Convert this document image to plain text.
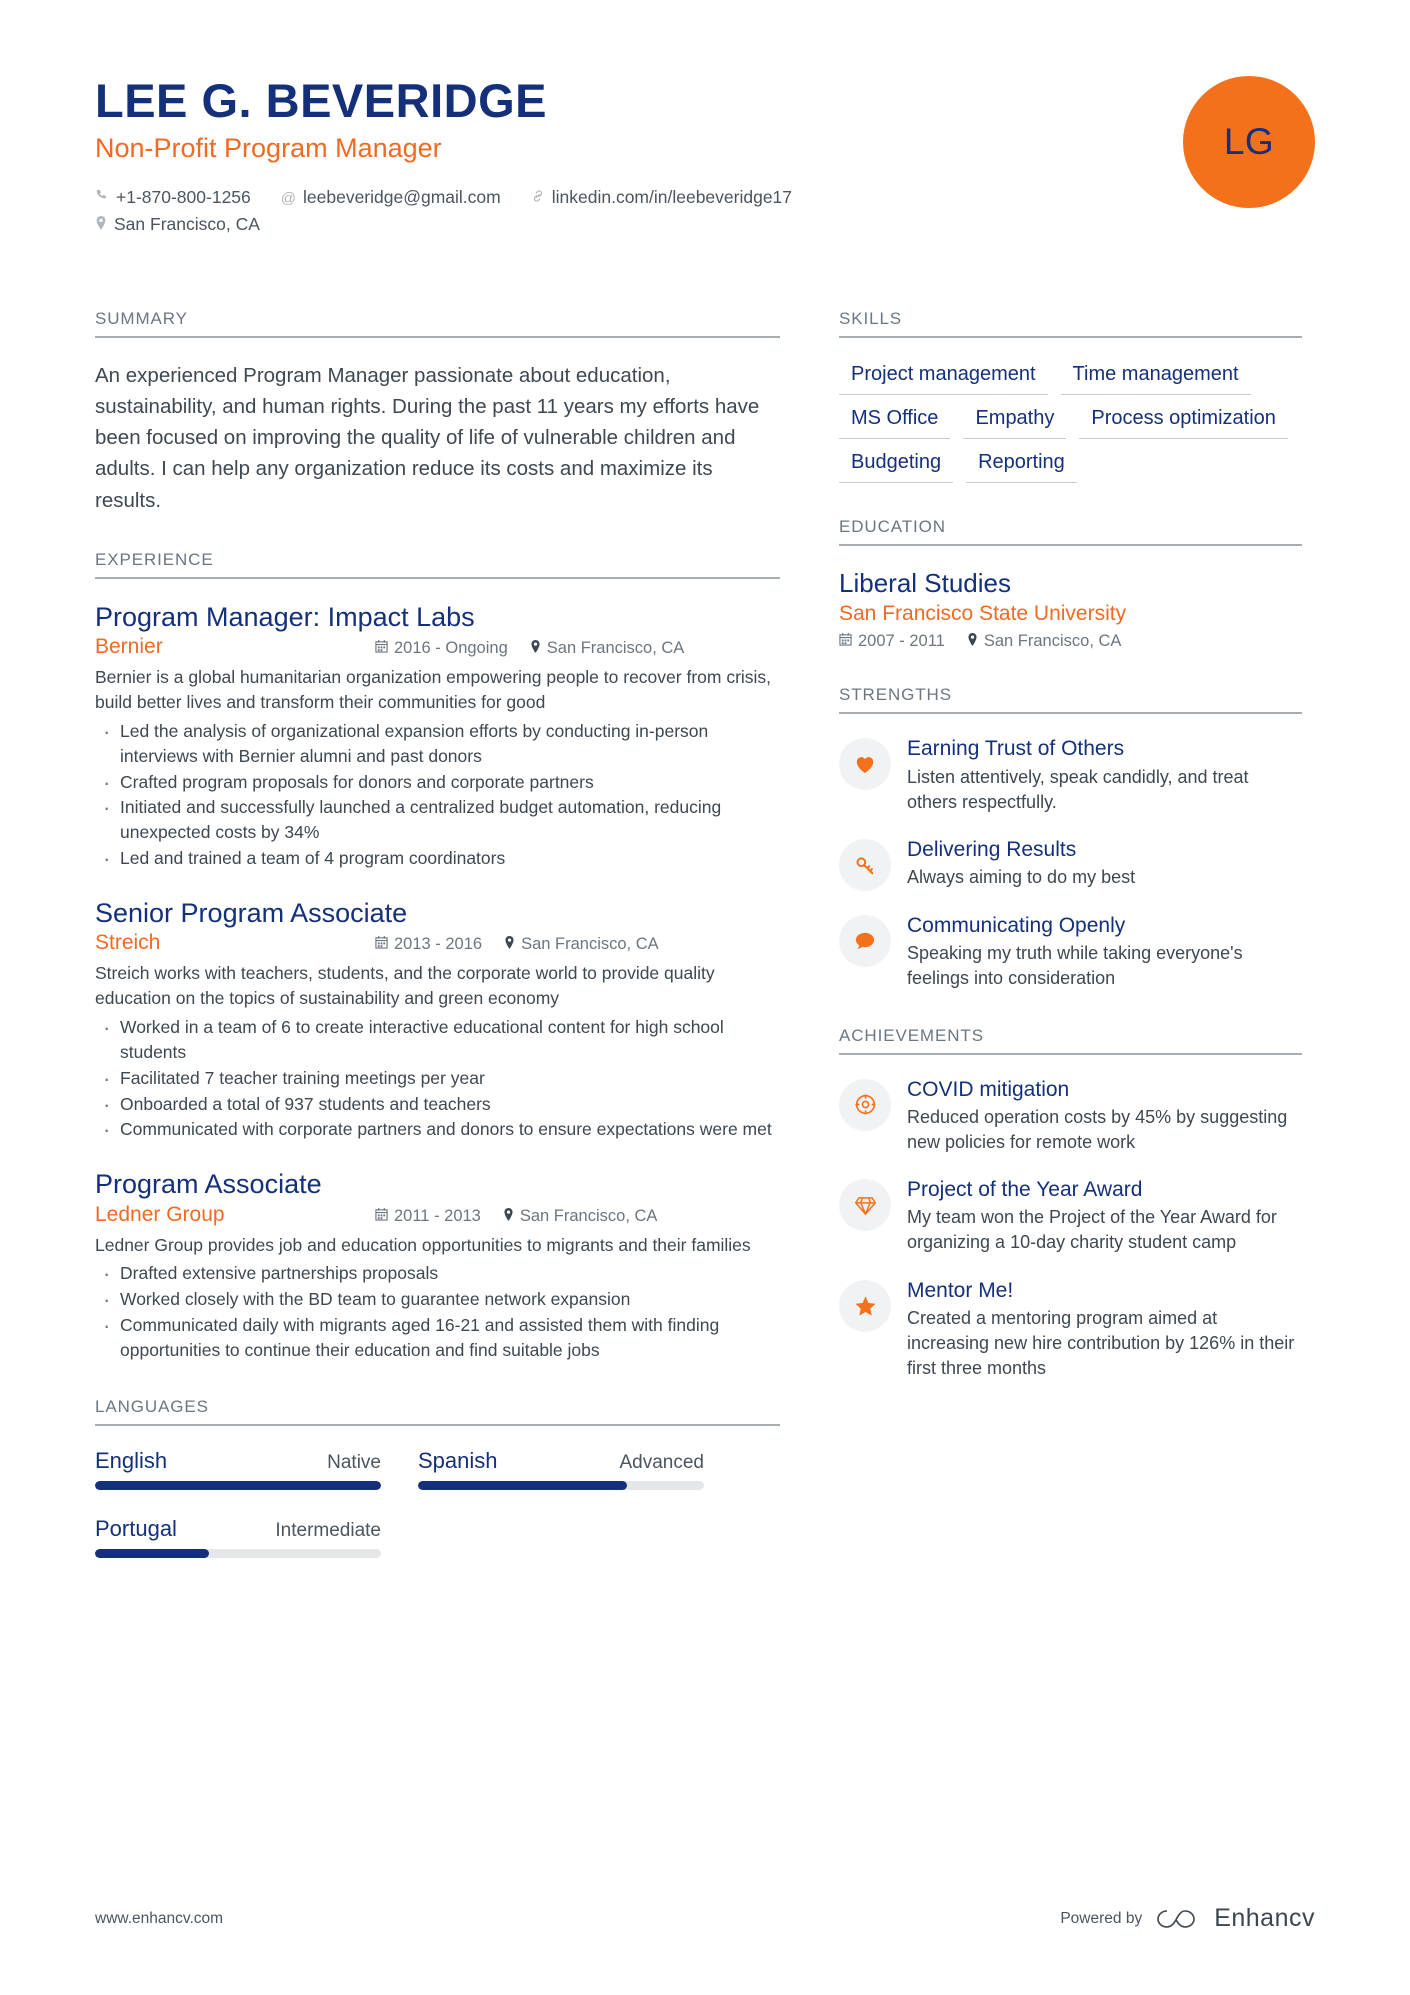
LEE G. BEVERIDGE
Non-Profit Program Manager
+1-870-800-1256 @ leebeveridge@gmail.com	linkedin.com/in/leebeveridge17
San Francisco, CA
LG
SUMMARY
An experienced Program Manager passionate about education, sustainability, and human rights. During the past 11 years my efforts have been focused on improving the quality of life of vulnerable children and adults. I can help any organization reduce its costs and maximize its results.
EXPERIENCE
Program Manager: Impact Labs
Bernier	2016 - Ongoing San Francisco, CA
Bernier is a global humanitarian organization empowering people to recover from crisis, build better lives and transform their communities for good
· Led the analysis of organizational expansion efforts by conducting in-person interviews with Bernier alumni and past donors
· Crafted program proposals for donors and corporate partners
· Initiated and successfully launched a centralized budget automation, reducing unexpected costs by 34%
· Led and trained a team of 4 program coordinators
Senior Program Associate
Streich	2013 - 2016 San Francisco, CA
Streich works with teachers, students, and the corporate world to provide quality education on the topics of sustainability and green economy
· Worked in a team of 6 to create interactive educational content for high school students
· Facilitated 7 teacher training meetings per year
· Onboarded a total of 937 students and teachers
· Communicated with corporate partners and donors to ensure expectations were met
Program Associate
Ledner Group	2011 - 2013 San Francisco, CA
Ledner Group provides job and education opportunities to migrants and their families
· Drafted extensive partnerships proposals
· Worked closely with the BD team to guarantee network expansion
· Communicated daily with migrants aged 16-21 and assisted them with finding opportunities to continue their education and find suitable jobs
LANGUAGES
English	Native Spanish	Advanced
Portugal	Intermediate
SKILLS
Project management	Time management
MS Office	Empathy	Process optimization
Budgeting	Reporting
EDUCATION
Liberal Studies
San Francisco State University
2007 - 2011 San Francisco, CA
STRENGTHS
Earning Trust of Others
Listen attentively, speak candidly, and treat others respectfully.
Delivering Results
Always aiming to do my best
Communicating Openly
Speaking my truth while taking everyone's feelings into consideration
ACHIEVEMENTS
COVID mitigation
Reduced operation costs by 45% by suggesting new policies for remote work
Project of the Year Award
My team won the Project of the Year Award for organizing a 10-day charity student camp
Mentor Me!
Created a mentoring program aimed at increasing new hire contribution by 126% in their first three months
www.enhancv.com	Powered by	Enhancv
